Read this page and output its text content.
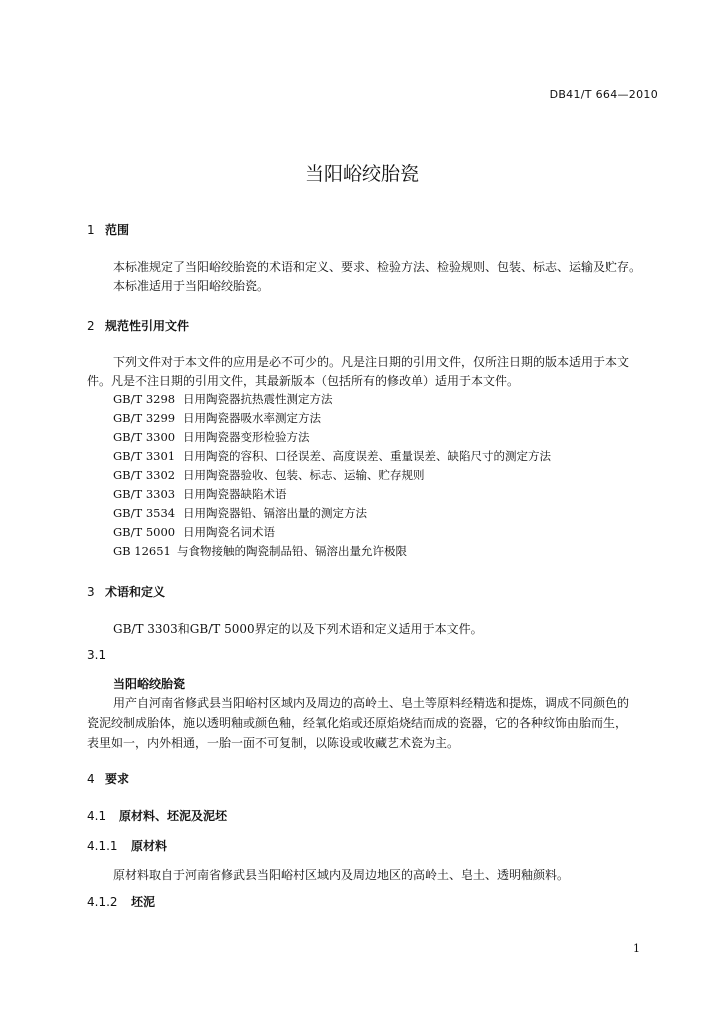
DB41/T 664—2010
当阳峪绞胎瓷
1 范围
本标准规定了当阳峪绞胎瓷的术语和定义、要求、检验方法、检验规则、包装、标志、运输及贮存。
本标准适用于当阳峪绞胎瓷。
2 规范性引用文件
下列文件对于本文件的应用是必不可少的。凡是注日期的引用文件，仅所注日期的版本适用于本文
件。凡是不注日期的引用文件，其最新版本（包括所有的修改单）适用于本文件。
GB/T 3298 日用陶瓷器抗热震性测定方法
GB/T 3299 日用陶瓷器吸水率测定方法
GB/T 3300 日用陶瓷器变形检验方法
GB/T 3301 日用陶瓷的容积、口径误差、高度误差、重量误差、缺陷尺寸的测定方法
GB/T 3302 日用陶瓷器验收、包装、标志、运输、贮存规则
GB/T 3303 日用陶瓷器缺陷术语
GB/T 3534 日用陶瓷器铅、镉溶出量的测定方法
GB/T 5000 日用陶瓷名词术语
GB 12651 与食物接触的陶瓷制品铅、镉溶出量允许极限
3 术语和定义
GB/T 3303和GB/T 5000界定的以及下列术语和定义适用于本文件。
3.1
当阳峪绞胎瓷
用产自河南省修武县当阳峪村区域内及周边的高岭土、皂土等原料经精选和提炼，调成不同颜色的
瓷泥绞制成胎体，施以透明釉或颜色釉，经氧化焰或还原焰烧结而成的瓷器，它的各种纹饰由胎而生，
表里如一，内外相通，一胎一面不可复制，以陈设或收藏艺术瓷为主。
4 要求
4.1 原材料、坯泥及泥坯
4.1.1 原材料
原材料取自于河南省修武县当阳峪村区域内及周边地区的高岭土、皂土、透明釉颜料。
4.1.2 坯泥
1
